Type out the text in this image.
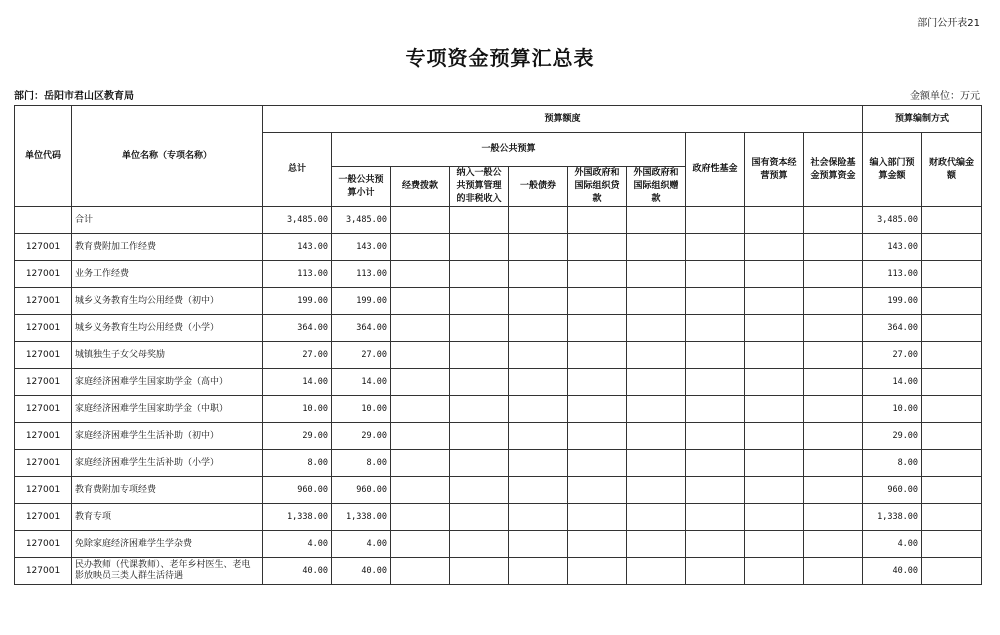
部门公开表21
专项资金预算汇总表
部门：岳阳市君山区教育局	金额单位：万元
单位代码	单位名称（专项名称）	预算额度										预算编制方式	
		总计	一般公共预算						政府性基金	国有资本经营预算	社会保险基金预算资金	编入部门预算金额	财政代编金额
			一般公共预算小计	经费拨款	纳入一般公共预算管理的非税收入	一般债券	外国政府和国际组织贷款	外国政府和国际组织赠款					
	合计	3,485.00	3,485.00									3,485.00	
127001	教育费附加工作经费	143.00	143.00									143.00	
127001	业务工作经费	113.00	113.00									113.00	
127001	城乡义务教育生均公用经费（初中）	199.00	199.00									199.00	
127001	城乡义务教育生均公用经费（小学）	364.00	364.00									364.00	
127001	城镇独生子女父母奖励	27.00	27.00									27.00	
127001	家庭经济困难学生国家助学金（高中）	14.00	14.00									14.00	
127001	家庭经济困难学生国家助学金（中职）	10.00	10.00									10.00	
127001	家庭经济困难学生生活补助（初中）	29.00	29.00									29.00	
127001	家庭经济困难学生生活补助（小学）	8.00	8.00									8.00	
127001	教育费附加专项经费	960.00	960.00									960.00	
127001	教育专项	1,338.00	1,338.00									1,338.00	
127001	免除家庭经济困难学生学杂费	4.00	4.00									4.00	
127001	民办教师（代课教师）、老年乡村医生、老电影放映员三类人群生活待遇	40.00	40.00									40.00	
